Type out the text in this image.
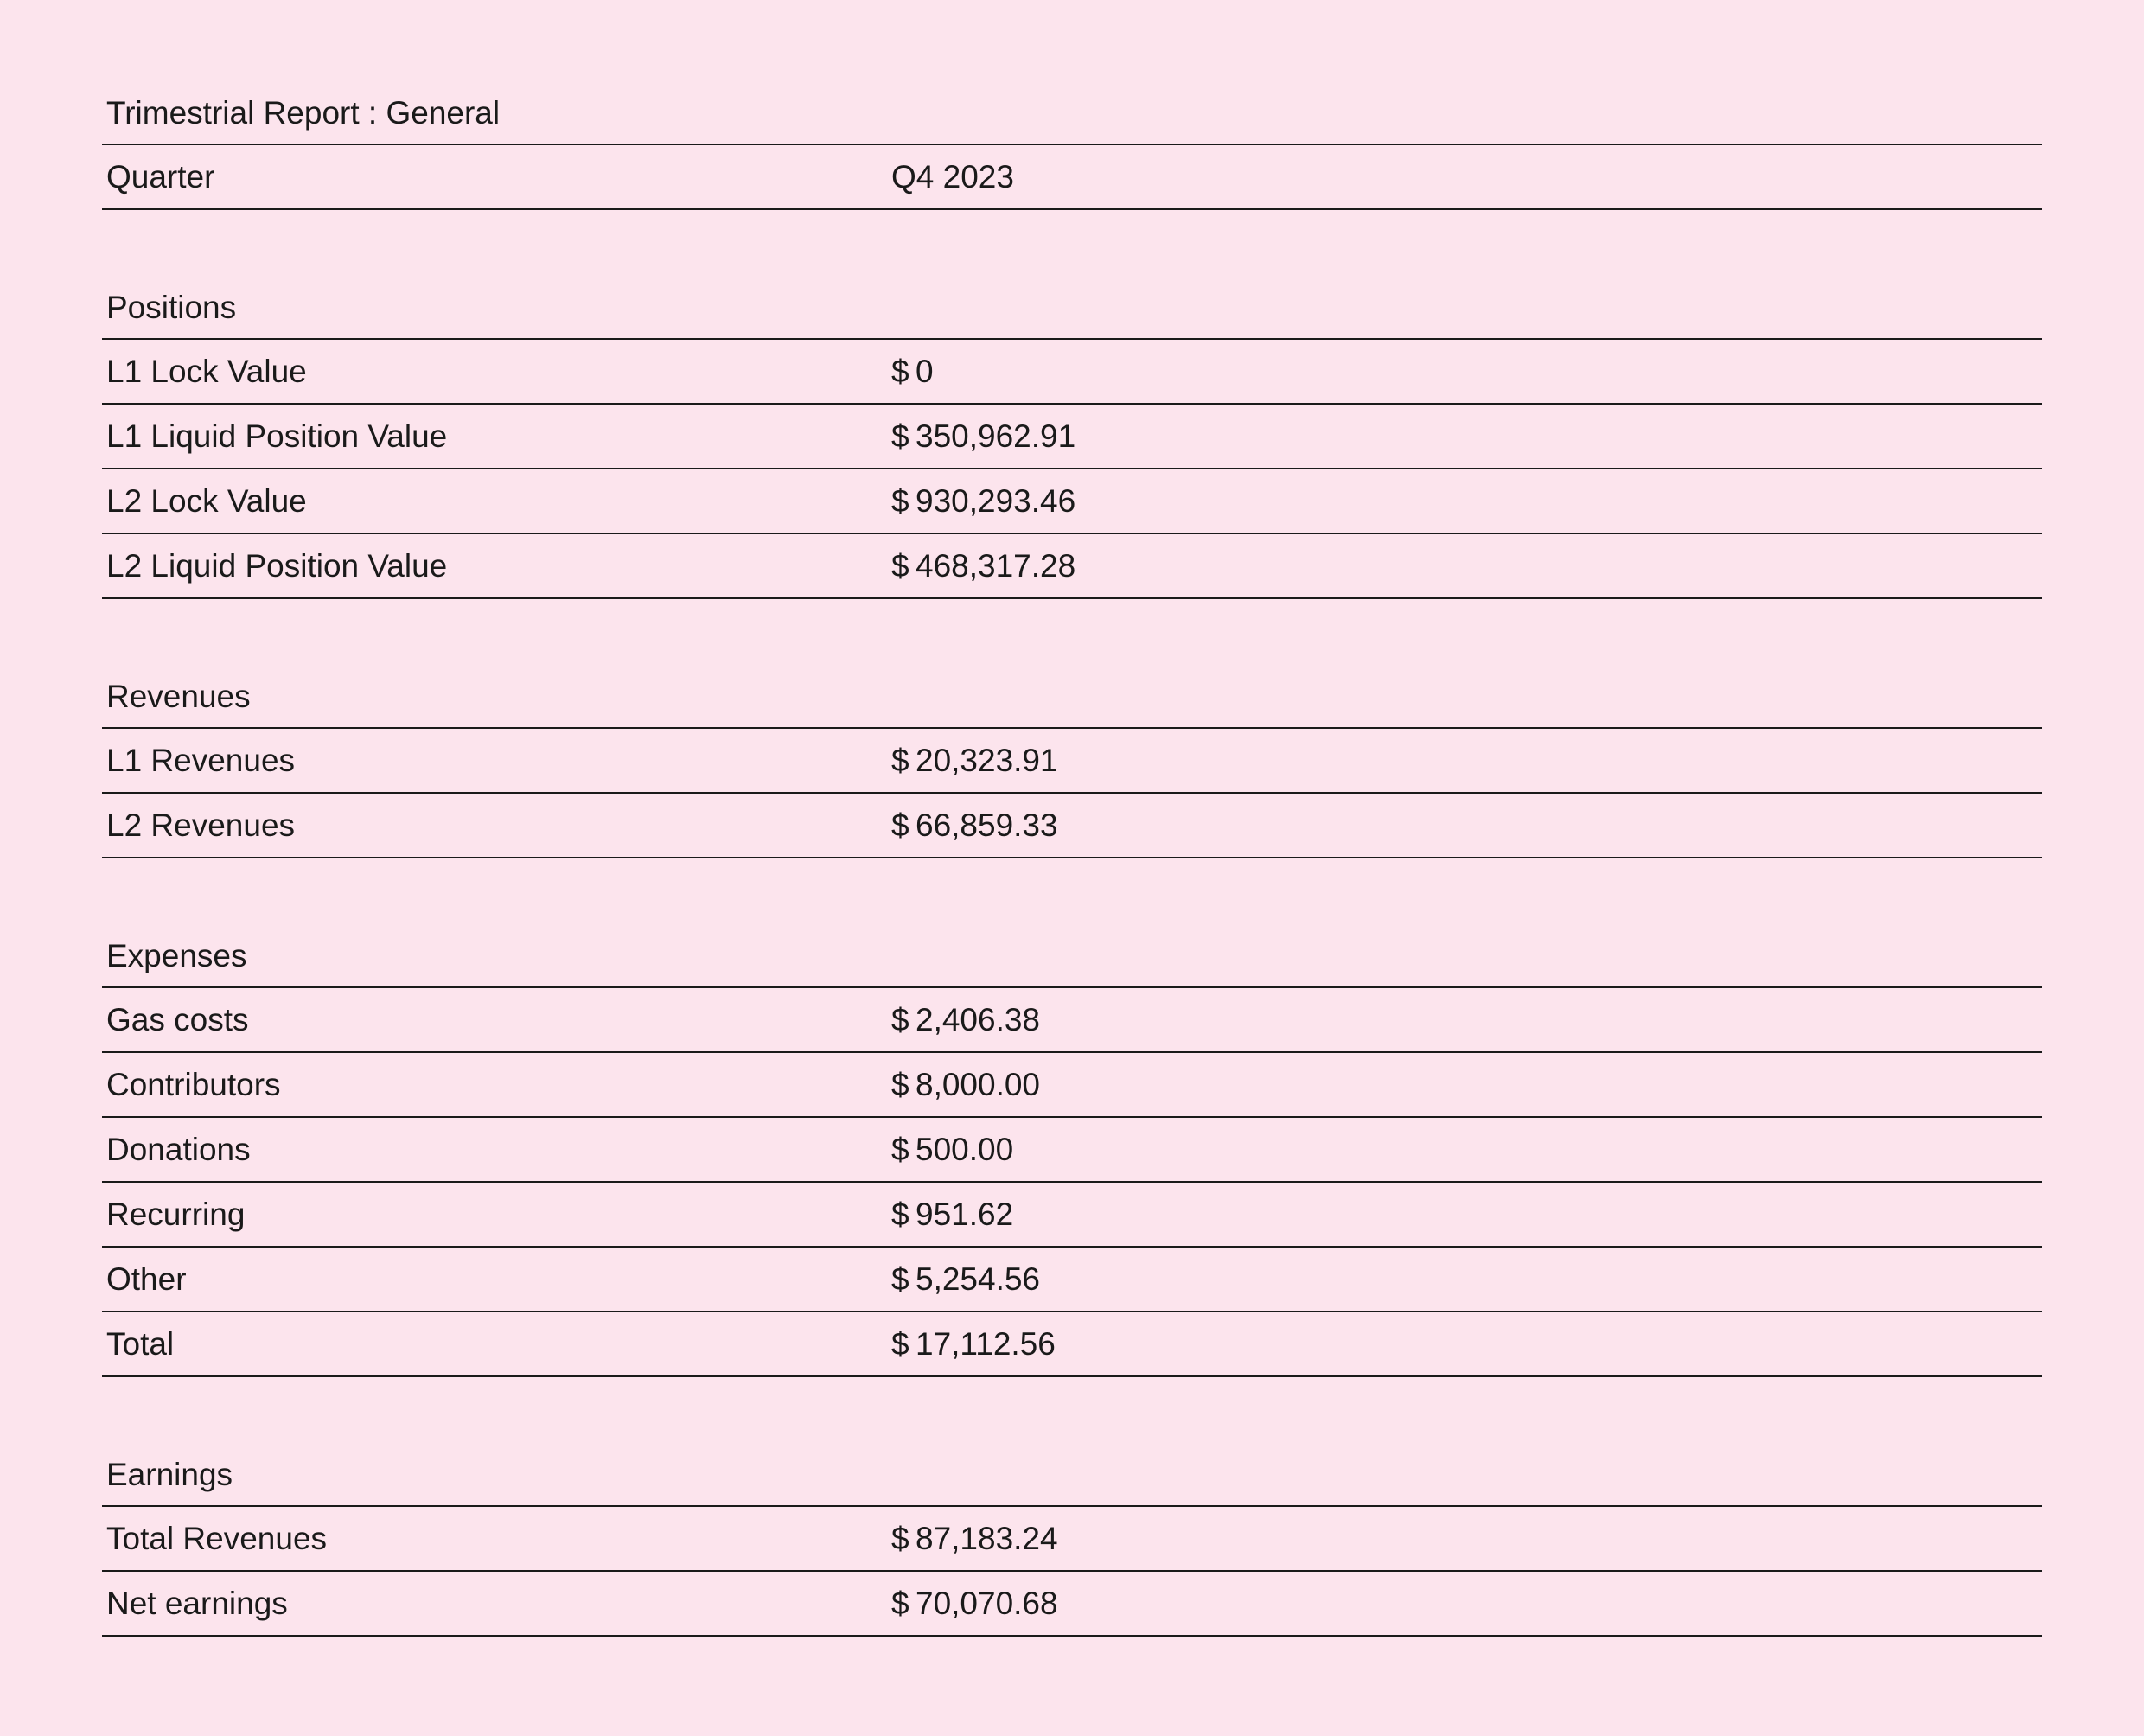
Trimestrial Report : General
Quarter	Q4 2023
Positions
L1 Lock Value	$ 0
L1 Liquid Position Value	$ 350,962.91
L2 Lock Value	$ 930,293.46
L2 Liquid Position Value	$ 468,317.28
Revenues
L1 Revenues	$ 20,323.91
L2 Revenues	$ 66,859.33
Expenses
Gas costs	$ 2,406.38
Contributors	$ 8,000.00
Donations	$ 500.00
Recurring	$ 951.62
Other	$ 5,254.56
Total	$ 17,112.56
Earnings
Total Revenues	$ 87,183.24
Net earnings	$ 70,070.68
